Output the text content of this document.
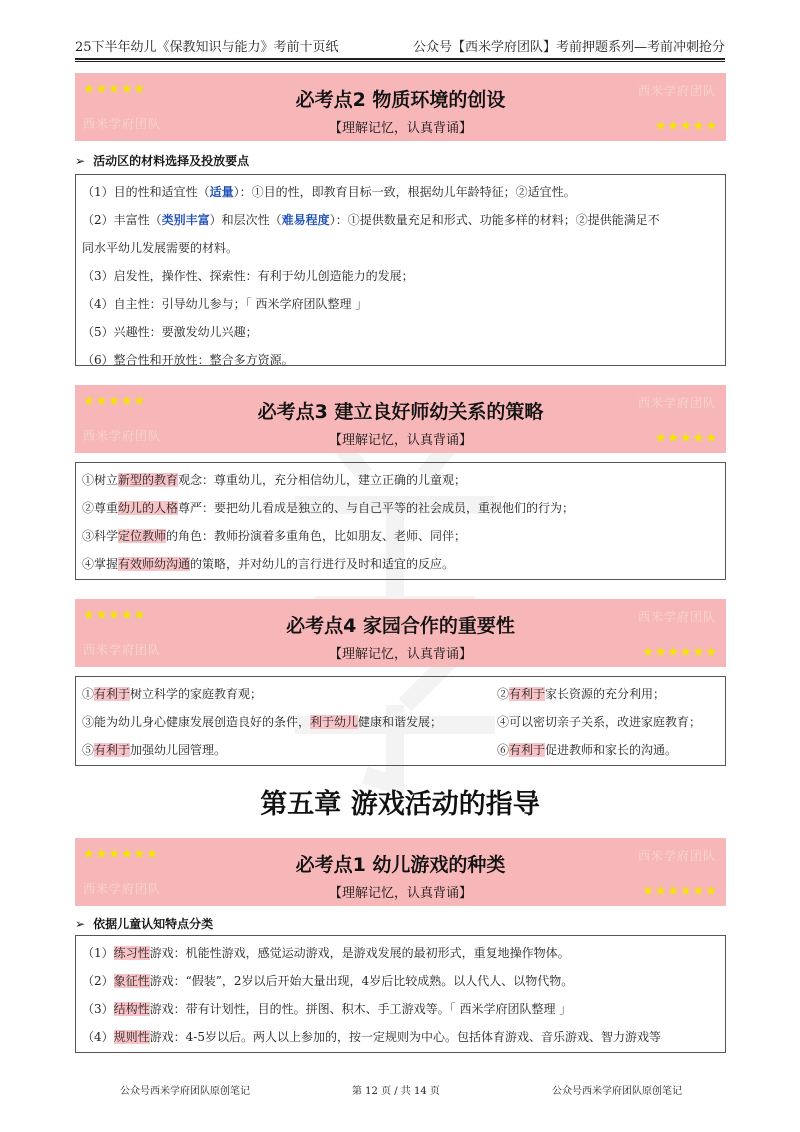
25下半年幼儿《保教知识与能力》考前十页纸	公众号【西米学府团队】考前押题系列—考前冲刺抢分
★★★★★	西米学府团队
必考点2 物质环境的创设
【理解记忆，认真背诵】
西米学府团队	★★★★★
➢ 活动区的材料选择及投放要点
（1）目的性和适宜性（适量）：①目的性，即教育目标一致，根据幼儿年龄特征；②适宜性。
（2）丰富性（类别丰富）和层次性（难易程度）：①提供数量充足和形式、功能多样的材料；②提供能满足不
同水平幼儿发展需要的材料。
（3）启发性，操作性、探索性：有利于幼儿创造能力的发展；
（4）自主性：引导幼儿参与；「 西米学府团队整理 」
（5）兴趣性：要激发幼儿兴趣；
（6）整合性和开放性：整合多方资源。
★★★★★	西米学府团队
必考点3 建立良好师幼关系的策略
【理解记忆，认真背诵】
西米学府团队	★★★★★
①树立新型的教育观念：尊重幼儿，充分相信幼儿，建立正确的儿童观；
②尊重幼儿的人格尊严：要把幼儿看成是独立的、与自己平等的社会成员，重视他们的行为；
③科学定位教师的角色：教师扮演着多重角色，比如朋友、老师、同伴；
④掌握有效师幼沟通的策略，并对幼儿的言行进行及时和适宜的反应。
★★★★★	西米学府团队
必考点4 家园合作的重要性
【理解记忆，认真背诵】
西米学府团队	★★★★★★
①有利于树立科学的家庭教育观；	②有利于家长资源的充分利用；
③能为幼儿身心健康发展创造良好的条件，利于幼儿健康和谐发展；	④可以密切亲子关系，改进家庭教育；
⑤有利于加强幼儿园管理。	⑥有利于促进教师和家长的沟通。
第五章 游戏活动的指导
★★★★★★	西米学府团队
必考点1 幼儿游戏的种类
【理解记忆，认真背诵】
西米学府团队	★★★★★★
➢ 依据儿童认知特点分类
（1）练习性游戏：机能性游戏，感觉运动游戏，是游戏发展的最初形式，重复地操作物体。
（2）象征性游戏：“假装”，2岁以后开始大量出现，4岁后比较成熟。以人代人、以物代物。
（3）结构性游戏：带有计划性，目的性。拼图、积木、手工游戏等。「 西米学府团队整理 」
（4）规则性游戏：4-5岁以后。两人以上参加的，按一定规则为中心。包括体育游戏、音乐游戏、智力游戏等
公众号西米学府团队原创笔记	第 12 页 / 共 14 页	公众号西米学府团队原创笔记
